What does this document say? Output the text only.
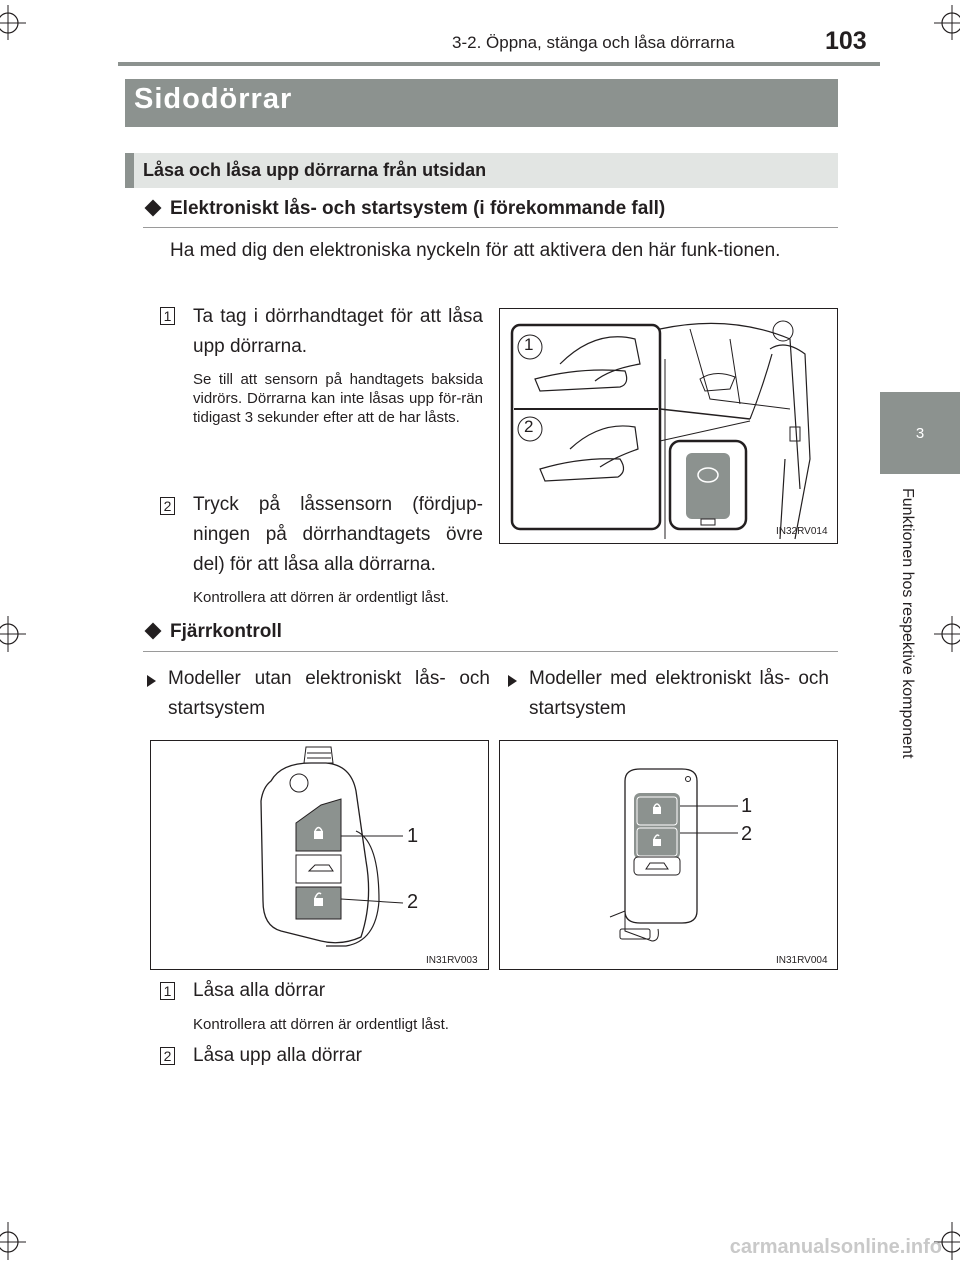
3-2. Öppna, stänga och låsa dörrarna	103
3
Funktionen hos respektive komponent
Sidodörrar
Låsa och låsa upp dörrarna från utsidan
Elektroniskt lås- och startsystem (i förekommande fall)
Ha med dig den elektroniska nyckeln för att aktivera den här funk-tionen.
1 Ta tag i dörrhandtaget för att låsa upp dörrarna.
Se till att sensorn på handtagets baksida vidrörs. Dörrarna kan inte låsas upp för-rän tidigast 3 sekunder efter att de har låsts.
2 Tryck på låssensorn (fördjup-ningen på dörrhandtagets övre del) för att låsa alla dörrarna.
Kontrollera att dörren är ordentligt låst.
1
2
IN32RV014
Fjärrkontroll
Modeller utan elektroniskt lås- och startsystem
Modeller med elektroniskt lås- och startsystem
1
2
IN31RV003
1
2
IN31RV004
1 Låsa alla dörrar
Kontrollera att dörren är ordentligt låst.
2 Låsa upp alla dörrar
carmanualsonline.info
